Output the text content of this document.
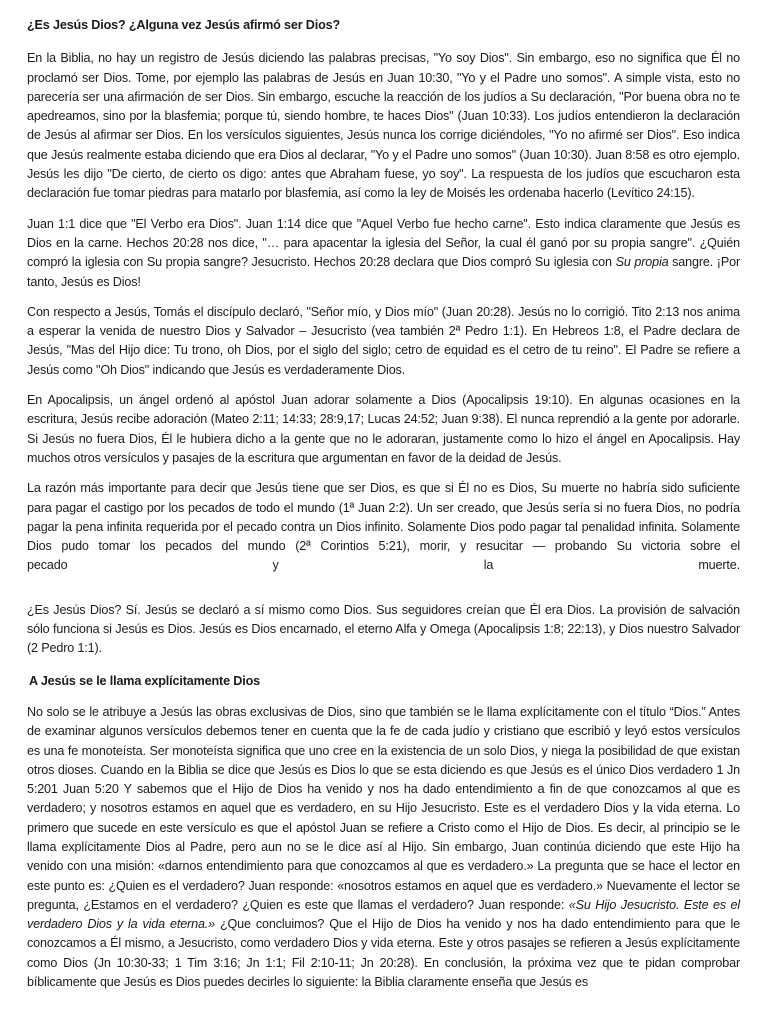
¿Es Jesús Dios? ¿Alguna vez Jesús afirmó ser Dios?

En la Biblia, no hay un registro de Jesús diciendo las palabras precisas, "Yo soy Dios". Sin embargo, eso no significa que Él no proclamó ser Dios. Tome, por ejemplo las palabras de Jesús en Juan 10:30, "Yo y el Padre uno somos". A simple vista, esto no parecería ser una afirmación de ser Dios. Sin embargo, escuche la reacción de los judíos a Su declaración, "Por buena obra no te apedreamos, sino por la blasfemia; porque tú, siendo hombre, te haces Dios" (Juan 10:33). Los judíos entendieron la declaración de Jesús al afirmar ser Dios. En los versículos siguientes, Jesús nunca los corrige diciéndoles, "Yo no afirmé ser Dios". Eso indica que Jesús realmente estaba diciendo que era Dios al declarar, "Yo y el Padre uno somos" (Juan 10:30). Juan 8:58 es otro ejemplo. Jesús les dijo "De cierto, de cierto os digo: antes que Abraham fuese, yo soy". La respuesta de los judíos que escucharon esta declaración fue tomar piedras para matarlo por blasfemia, así como la ley de Moisés les ordenaba hacerlo (Levítico 24:15).

Juan 1:1 dice que "El Verbo era Dios". Juan 1:14 dice que "Aquel Verbo fue hecho carne". Esto indica claramente que Jesús es Dios en la carne. Hechos 20:28 nos dice, "… para apacentar la iglesia del Señor, la cual él ganó por su propia sangre". ¿Quién compró la iglesia con Su propia sangre? Jesucristo. Hechos 20:28 declara que Dios compró Su iglesia con Su propia sangre. ¡Por tanto, Jesús es Dios!

Con respecto a Jesús, Tomás el discípulo declaró, "Señor mío, y Dios mío" (Juan 20:28). Jesús no lo corrigió. Tito 2:13 nos anima a esperar la venida de nuestro Dios y Salvador – Jesucristo (vea también 2ª Pedro 1:1). En Hebreos 1:8, el Padre declara de Jesús, "Mas del Hijo dice: Tu trono, oh Dios, por el siglo del siglo; cetro de equidad es el cetro de tu reino". El Padre se refiere a Jesús como "Oh Dios" indicando que Jesús es verdaderamente Dios.

En Apocalipsis, un ángel ordenó al apóstol Juan adorar solamente a Dios (Apocalipsis 19:10). En algunas ocasiones en la escritura, Jesús recibe adoración (Mateo 2:11; 14:33; 28:9,17; Lucas 24:52; Juan 9:38). El nunca reprendió a la gente por adorarle. Si Jesús no fuera Dios, Él le hubiera dicho a la gente que no le adoraran, justamente como lo hizo el ángel en Apocalipsis. Hay muchos otros versículos y pasajes de la escritura que argumentan en favor de la deidad de Jesús.

La razón más importante para decir que Jesús tiene que ser Dios, es que si Él no es Dios, Su muerte no habría sido suficiente para pagar el castigo por los pecados de todo el mundo (1ª Juan 2:2). Un ser creado, que Jesús sería si no fuera Dios, no podría pagar la pena infinita requerida por el pecado contra un Dios infinito. Solamente Dios podo pagar tal penalidad infinita. Solamente Dios pudo tomar los pecados del mundo (2ª Corintios 5:21), morir, y resucitar — probando Su victoria sobre el
pecado	y	la	muerte.

¿Es Jesús Dios? Sí. Jesús se declaró a sí mismo como Dios. Sus seguidores creían que Él era Dios. La provisión de salvación sólo funciona si Jesús es Dios. Jesús es Dios encarnado, el eterno Alfa y Omega (Apocalipsis 1:8; 22:13), y Dios nuestro Salvador (2 Pedro 1:1).

A Jesús se le llama explícitamente Dios

No solo se le atribuye a Jesús las obras exclusivas de Dios, sino que también se le llama explícitamente con el título “Dios.” Antes de examinar algunos versículos debemos tener en cuenta que la fe de cada judío y cristiano que escribió y leyó estos versículos es una fe monoteísta. Ser monoteísta significa que uno cree en la existencia de un solo Dios, y niega la posibilidad de que existan otros dioses. Cuando en la Biblia se dice que Jesús es Dios lo que se esta diciendo es que Jesús es el único Dios verdadero 1 Jn 5:201 Juan 5:20 Y sabemos que el Hijo de Dios ha venido y nos ha dado entendimiento a fin de que conozcamos al que es verdadero; y nosotros estamos en aquel que es verdadero, en su Hijo Jesucristo. Este es el verdadero Dios y la vida eterna. Lo primero que sucede en este versículo es que el apóstol Juan se refiere a Cristo como el Hijo de Dios. Es decir, al principio se le llama explícitamente Dios al Padre, pero aun no se le dice así al Hijo. Sin embargo, Juan continúa diciendo que este Hijo ha venido con una misión: «darnos entendimiento para que conozcamos al que es verdadero.» La pregunta que se hace el lector en este punto es: ¿Quien es el verdadero? Juan responde: «nosotros estamos en aquel que es verdadero.» Nuevamente el lector se pregunta, ¿Estamos en el verdadero? ¿Quien es este que llamas el verdadero? Juan responde: «Su Hijo Jesucristo. Este es el verdadero Dios y la vida eterna.» ¿Que concluimos? Que el Hijo de Dios ha venido y nos ha dado entendimiento para que le conozcamos a Él mismo, a Jesucristo, como verdadero Dios y vida eterna. Este y otros pasajes se refieren a Jesús explícitamente como Dios (Jn 10:30-33; 1 Tim 3:16; Jn 1:1; Fil 2:10-11; Jn 20:28). En conclusión, la próxima vez que te pidan comprobar bíblicamente que Jesús es Dios puedes decirles lo siguiente: la Biblia claramente enseña que Jesús es
